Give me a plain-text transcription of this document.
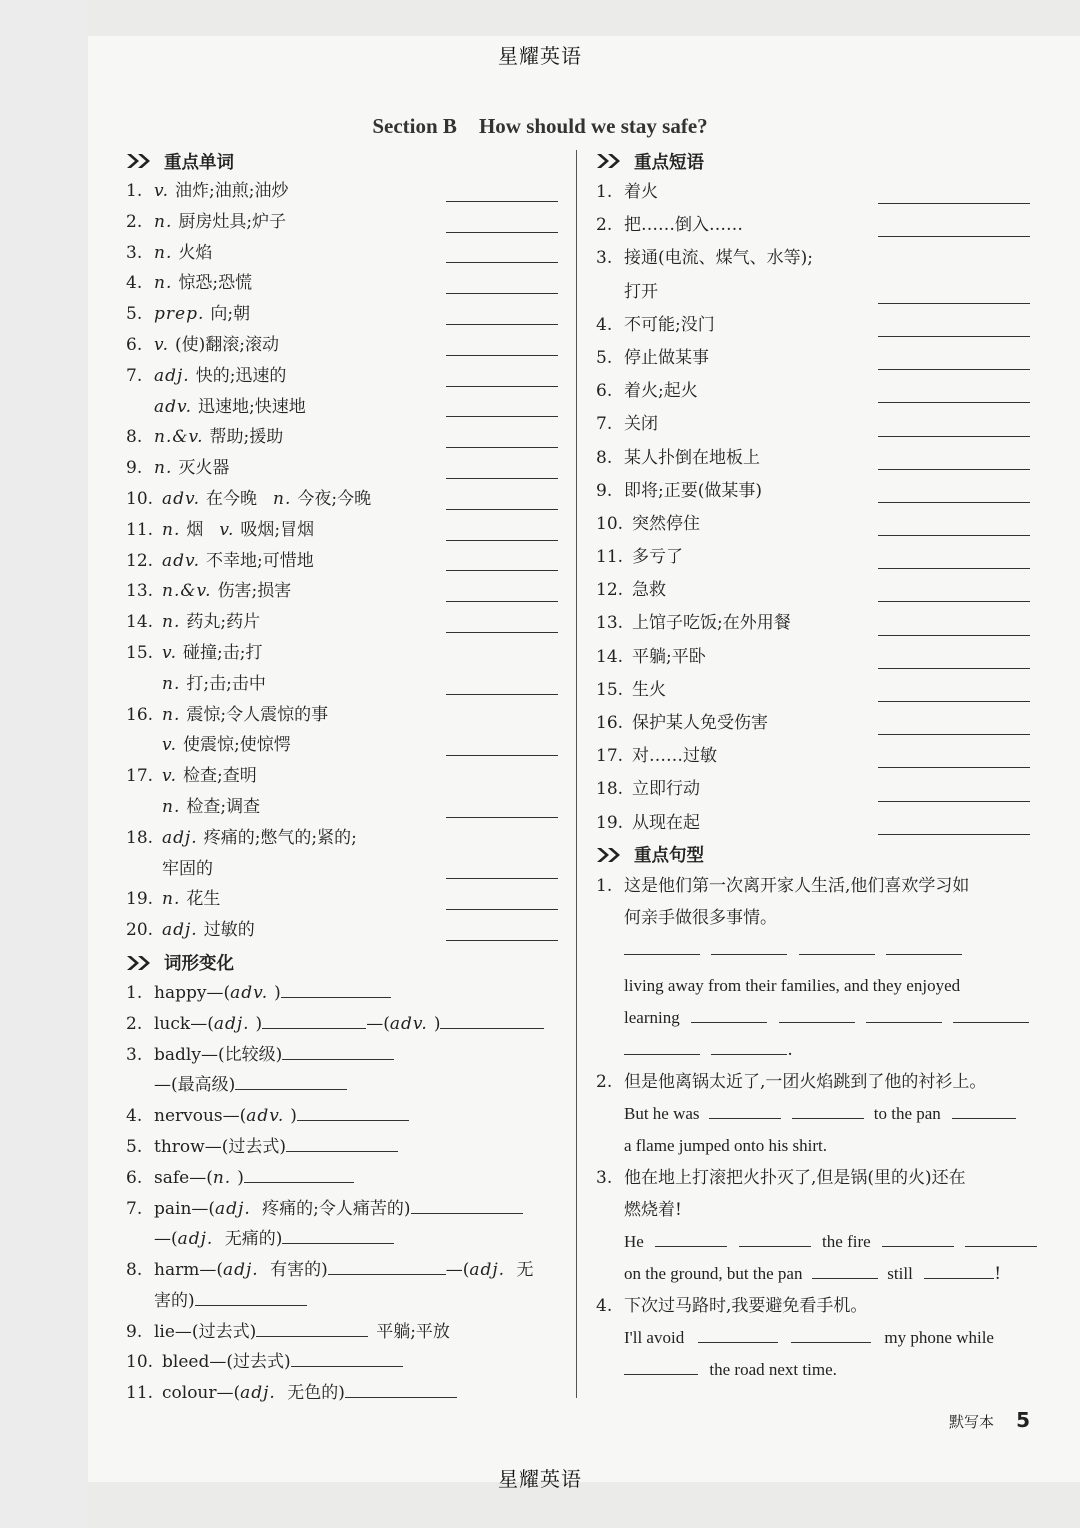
星耀英语
星耀英语
Section B How should we stay safe?
重点单词
1. v. 油炸;油煎;油炒
2. n. 厨房灶具;炉子
3. n. 火焰
4. n. 惊恐;恐慌
5. prep. 向;朝
6. v. (使)翻滚;滚动
7. adj. 快的;迅速的
adv. 迅速地;快速地
8. n.&v. 帮助;援助
9. n. 灭火器
10. adv. 在今晚 n. 今夜;今晚
11. n. 烟 v. 吸烟;冒烟
12. adv. 不幸地;可惜地
13. n.&v. 伤害;损害
14. n. 药丸;药片
15. v. 碰撞;击;打
n. 打;击;击中
16. n. 震惊;令人震惊的事
v. 使震惊;使惊愕
17. v. 检查;查明
n. 检查;调查
18. adj. 疼痛的;憋气的;紧的;
牢固的
19. n. 花生
20. adj. 过敏的
词形变化
1. happy—(adv. )
2. luck—(adj. )	—(adv. )
3. badly—(比较级)
—(最高级)
4. nervous—(adv. )
5. throw—(过去式)
6. safe—(n. )
7. pain—(adj. 疼痛的;令人痛苦的)
—(adj. 无痛的)
8. harm—(adj. 有害的)	—(adj. 无
害的)
9. lie—(过去式)	平躺;平放
10. bleed—(过去式)
11. colour—(adj. 无色的)
重点短语
1. 着火
2. 把……倒入……
3. 接通(电流、煤气、水等);
打开
4. 不可能;没门
5. 停止做某事
6. 着火;起火
7. 关闭
8. 某人扑倒在地板上
9. 即将;正要(做某事)
10. 突然停住
11. 多亏了
12. 急救
13. 上馆子吃饭;在外用餐
14. 平躺;平卧
15. 生火
16. 保护某人免受伤害
17. 对……过敏
18. 立即行动
19. 从现在起
重点句型
1. 这是他们第一次离开家人生活,他们喜欢学习如
何亲手做很多事情。

living away from their families, and they enjoyed
learning
.
2. 但是他离锅太近了,一团火焰跳到了他的衬衫上。
But he was	to the pan
a flame jumped onto his shirt.
3. 他在地上打滚把火扑灭了,但是锅(里的火)还在
燃烧着!
He	the fire
on the ground, but the pan	still	!
4. 下次过马路时,我要避免看手机。
I'll avoid	my phone while
the road next time.
默写本 5
